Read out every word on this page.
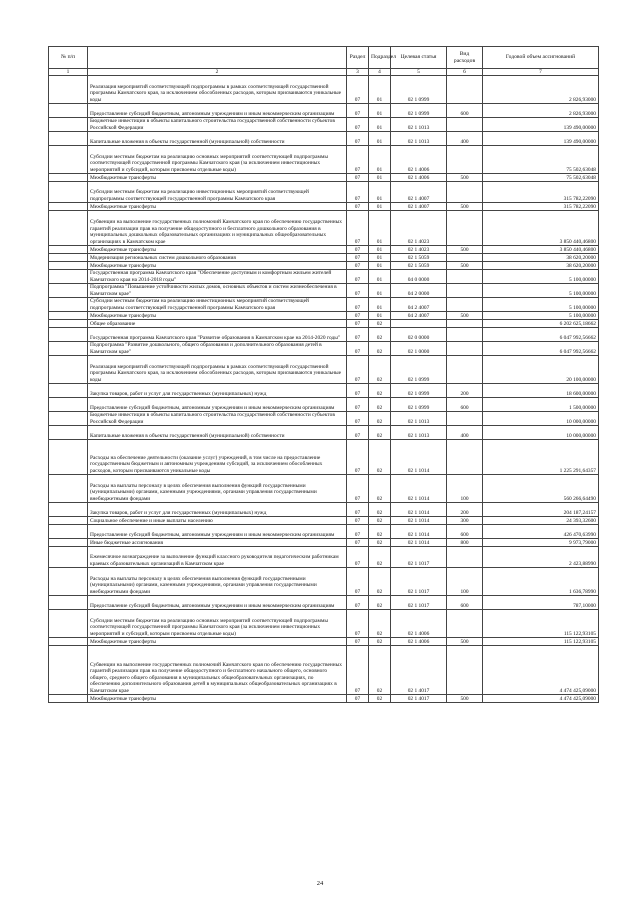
№ п/п		Раздел	Подраздел	Целевая статья	Вид расходов	Годовой объем ассигнований
1	2	3	4	5	6	7
	Реализация мероприятий соответствующей подпрограммы в рамках соответствующей государственной программы Камчатского края, за исключением обособленных расходов, которым присваиваются уникальные коды	07	01	02 1 0999		2 826,93000
	Предоставление субсидий бюджетным, автономным учреждениям и иным некоммерческим организациям	07	01	02 1 0999	600	2 826,93000
	Бюджетные инвестиции в объекты капитального строительства государственной собственности субъектов Российской Федерации	07	01	02 1 1013		139 490,00000
	Капитальные вложения в объекты государственной (муниципальной) собственности	07	01	02 1 1013	400	139 490,00000
	Субсидии местным бюджетам на реализацию основных мероприятий соответствующей подпрограммы соответствующей государственной программы Камчатского края (за исключением инвестиционных мероприятий и субсидий, которым присвоены отдельные коды)	07	01	02 1 4006		75 502,63048
	Межбюджетные трансферты	07	01	02 1 4006	500	75 502,63048
	Субсидии местным бюджетам на реализацию инвестиционных мероприятий соответствующей подпрограммы соответствующей государственной программы Камчатского края	07	01	02 1 4007		315 782,22090
	Межбюджетные трансферты	07	01	02 1 4007	500	315 782,22090
	Субвенции на выполнение государственных полномочий Камчатского края по обеспечению государственных гарантий реализации прав на получение общедоступного и бесплатного дошкольного образования в муниципальных дошкольных образовательных организациях и муниципальных общеобразовательных организациях в Камчатском крае	07	01	02 1 4023		3 850 440,46800
	Межбюджетные трансферты	07	01	02 1 4023	500	3 850 440,46800
	Модернизация региональных систем дошкольного образования	07	01	02 1 5059		38 620,20000
	Межбюджетные трансферты	07	01	02 1 5059	500	38 620,20000
	Государственная программа Камчатского края "Обеспечение доступным и комфортным жильем жителей Камчатского края на 2014-2018 годы"	07	01	04 0 0000		5 100,00000
	Подпрограмма "Повышение устойчивости жилых домов, основных объектов и систем жизнеобеспечения в Камчатском крае"	07	01	04 2 0000		5 100,00000
	Субсидии местным бюджетам на реализацию инвестиционных мероприятий соответствующей подпрограммы соответствующей государственной программы Камчатского края	07	01	04 2 4007		5 100,00000
	Межбюджетные трансферты	07	01	04 2 4007	500	5 100,00000
	Общее образование	07	02			6 202 625,18662
	Государственная программа Камчатского края "Развитие образования в Камчатском крае на 2014-2020 годы"	07	02	02 0 0000		6 047 992,56662
	Подпрограмма "Развитие дошкольного, общего образования и дополнительного образования детей в Камчатском крае"	07	02	02 1 0000		6 047 992,56662
	Реализация мероприятий соответствующей подпрограммы в рамках соответствующей государственной программы Камчатского края, за исключением обособленных расходов, которым присваиваются уникальные коды	07	02	02 1 0999		20 100,00000
	Закупка товаров, работ и услуг для государственных (муниципальных) нужд	07	02	02 1 0999	200	18 600,00000
	Предоставление субсидий бюджетным, автономным учреждениям и иным некоммерческим организациям	07	02	02 1 0999	600	1 500,00000
	Бюджетные инвестиции в объекты капитального строительства государственной собственности субъектов Российской Федерации	07	02	02 1 1013		10 000,00000
	Капитальные вложения в объекты государственной (муниципальной) собственности	07	02	02 1 1013	400	10 000,00000
	Расходы на обеспечение деятельности (оказание услуг) учреждений, в том числе на предоставление государственным бюджетным и автономным учреждениям субсидий, за исключением обособленных расходов, которым присваиваются уникальные коды	07	02	02 1 1014		1 225 291,64357
	Расходы на выплаты персоналу в целях обеспечения выполнения функций государственными (муниципальными) органами, казенными учреждениями, органами управления государственными внебюджетными фондами	07	02	02 1 1014	100	560 266,64490
	Закупка товаров, работ и услуг для государственных (муниципальных) нужд	07	02	02 1 1014	200	204 187,24157
	Социальное обеспечение и иные выплаты населению	07	02	02 1 1014	300	24 393,32600
	Предоставление субсидий бюджетным, автономным учреждениям и иным некоммерческим организациям	07	02	02 1 1014	600	426 470,63990
	Иные бюджетные ассигнования	07	02	02 1 1014	800	9 973,79000
	Ежемесячное вознаграждение за выполнение функций классного руководителя педагогическим работникам краевых образовательных организаций в Камчатском крае	07	02	02 1 1017		2 423,88990
	Расходы на выплаты персоналу в целях обеспечения выполнения функций государственными (муниципальными) органами, казенными учреждениями, органами управления государственными внебюджетными фондами	07	02	02 1 1017	100	1 636,78990
	Предоставление субсидий бюджетным, автономным учреждениям и иным некоммерческим организациям	07	02	02 1 1017	600	787,10000
	Субсидии местным бюджетам на реализацию основных мероприятий соответствующей подпрограммы соответствующей государственной программы Камчатского края (за исключением инвестиционных мероприятий и субсидий, которым присвоены отдельные коды)	07	02	02 1 4006		115 122,93105
	Межбюджетные трансферты	07	02	02 1 4006	500	115 122,93105
	Субвенции на выполнение государственных полномочий Камчатского края по обеспечению государственных гарантий реализации прав на получение общедоступного и бесплатного начального общего, основного общего, среднего общего образования в муниципальных общеобразовательных организациях, по обеспечению дополнительного образования детей в муниципальных общеобразовательных организациях в Камчатском крае	07	02	02 1 4017		4 474 425,09000
	Межбюджетные трансферты	07	02	02 1 4017	500	4 474 425,09000
24
